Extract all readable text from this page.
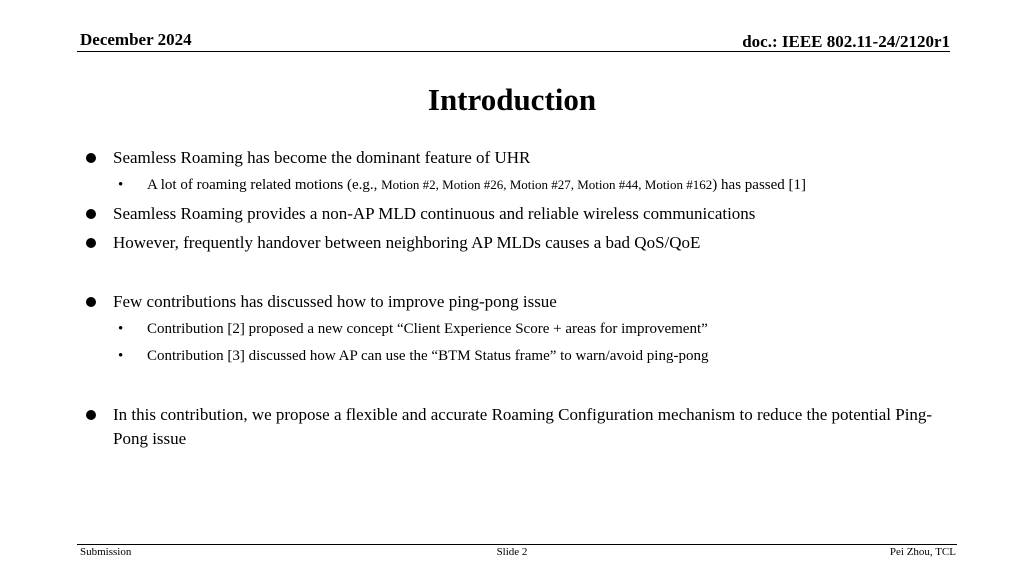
December 2024	doc.: IEEE 802.11-24/2120r1
Introduction
Seamless Roaming has become the dominant feature of UHR
• A lot of roaming related motions (e.g., Motion #2, Motion #26, Motion #27, Motion #44, Motion #162) has passed [1]
Seamless Roaming provides a non-AP MLD continuous and reliable wireless communications
However, frequently handover between neighboring AP MLDs causes a bad QoS/QoE
Few contributions has discussed how to improve ping-pong issue
• Contribution [2] proposed a new concept “Client Experience Score + areas for improvement”
• Contribution [3] discussed how AP can use the “BTM Status frame” to warn/avoid ping-pong
In this contribution, we propose a flexible and accurate Roaming Configuration mechanism to reduce the potential Ping-Pong issue
Submission	Slide 2	Pei Zhou, TCL
